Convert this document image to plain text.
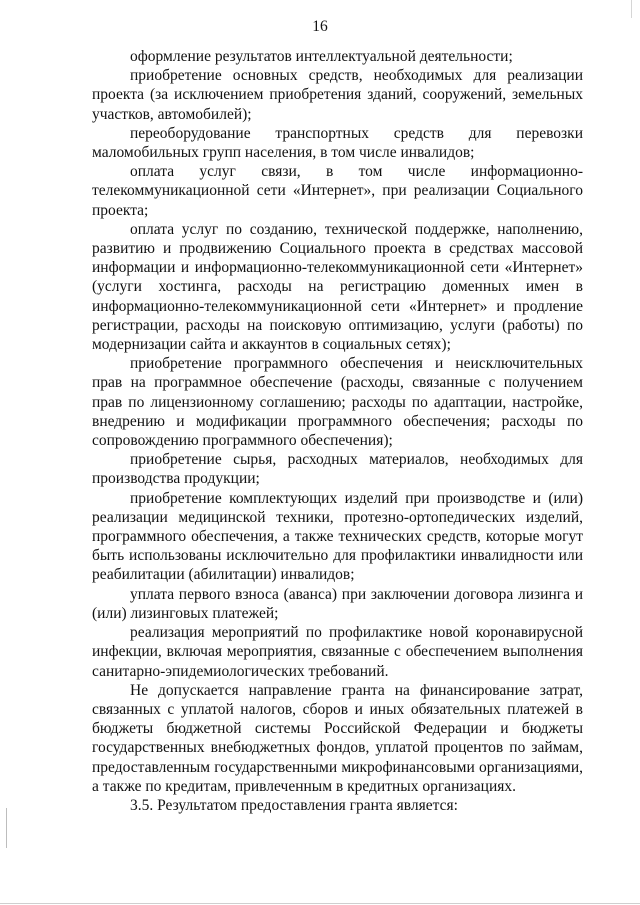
16

оформление результатов интеллектуальной деятельности;

приобретение основных средств, необходимых для реализации проекта (за исключением приобретения зданий, сооружений, земельных участков, автомобилей);

переоборудование транспортных средств для перевозки маломобильных групп населения, в том числе инвалидов;

оплата услуг связи, в том числе информационно-телекоммуникационной сети «Интернет», при реализации Социального проекта;

оплата услуг по созданию, технической поддержке, наполнению, развитию и продвижению Социального проекта в средствах массовой информации и информационно-телекоммуникационной сети «Интернет» (услуги хостинга, расходы на регистрацию доменных имен в информационно-телекоммуникационной сети «Интернет» и продление регистрации, расходы на поисковую оптимизацию, услуги (работы) по модернизации сайта и аккаунтов в социальных сетях);

приобретение программного обеспечения и неисключительных прав на программное обеспечение (расходы, связанные с получением прав по лицензионному соглашению; расходы по адаптации, настройке, внедрению и модификации программного обеспечения; расходы по сопровождению программного обеспечения);

приобретение сырья, расходных материалов, необходимых для производства продукции;

приобретение комплектующих изделий при производстве и (или) реализации медицинской техники, протезно-ортопедических изделий, программного обеспечения, а также технических средств, которые могут быть использованы исключительно для профилактики инвалидности или реабилитации (абилитации) инвалидов;

уплата первого взноса (аванса) при заключении договора лизинга и (или) лизинговых платежей;

реализация мероприятий по профилактике новой коронавирусной инфекции, включая мероприятия, связанные с обеспечением выполнения санитарно-эпидемиологических требований.

Не допускается направление гранта на финансирование затрат, связанных с уплатой налогов, сборов и иных обязательных платежей в бюджеты бюджетной системы Российской Федерации и бюджеты государственных внебюджетных фондов, уплатой процентов по займам, предоставленным государственными микрофинансовыми организациями, а также по кредитам, привлеченным в кредитных организациях.

3.5. Результатом предоставления гранта является:
